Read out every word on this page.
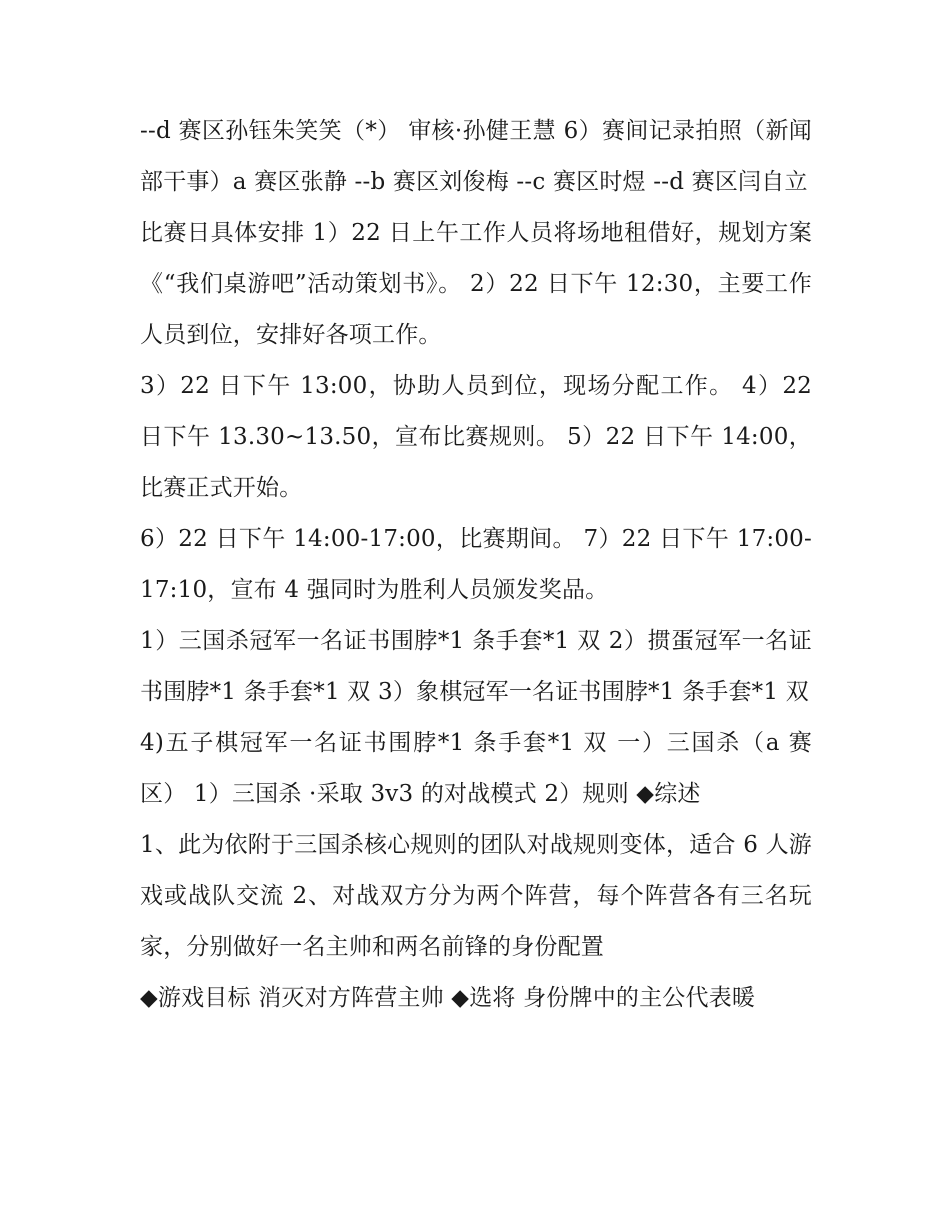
--d 赛区孙钰朱笑笑（*） 审核·孙健王慧 6）赛间记录拍照（新闻部干事）a 赛区张静 --b 赛区刘俊梅 --c 赛区时煜 --d 赛区闫自立

比赛日具体安排 1）22 日上午工作人员将场地租借好，规划方案《“我们桌游吧”活动策划书》。 2）22 日下午 12:30，主要工作人员到位，安排好各项工作。

3）22 日下午 13:00，协助人员到位，现场分配工作。 4）22 日下午 13.30~13.50，宣布比赛规则。 5）22 日下午 14:00，比赛正式开始。

6）22 日下午 14:00-17:00，比赛期间。 7）22 日下午 17:00-17:10，宣布 4 强同时为胜利人员颁发奖品。

1）三国杀冠军一名证书围脖*1 条手套*1 双 2）掼蛋冠军一名证书围脖*1 条手套*1 双 3）象棋冠军一名证书围脖*1 条手套*1 双

4)五子棋冠军一名证书围脖*1 条手套*1 双 一）三国杀（a 赛区） 1）三国杀 ·采取 3v3 的对战模式 2）规则 ◆综述

1、此为依附于三国杀核心规则的团队对战规则变体，适合 6 人游戏或战队交流 2、对战双方分为两个阵营，每个阵营各有三名玩家，分别做好一名主帅和两名前锋的身份配置

◆游戏目标 消灭对方阵营主帅 ◆选将 身份牌中的主公代表暖
